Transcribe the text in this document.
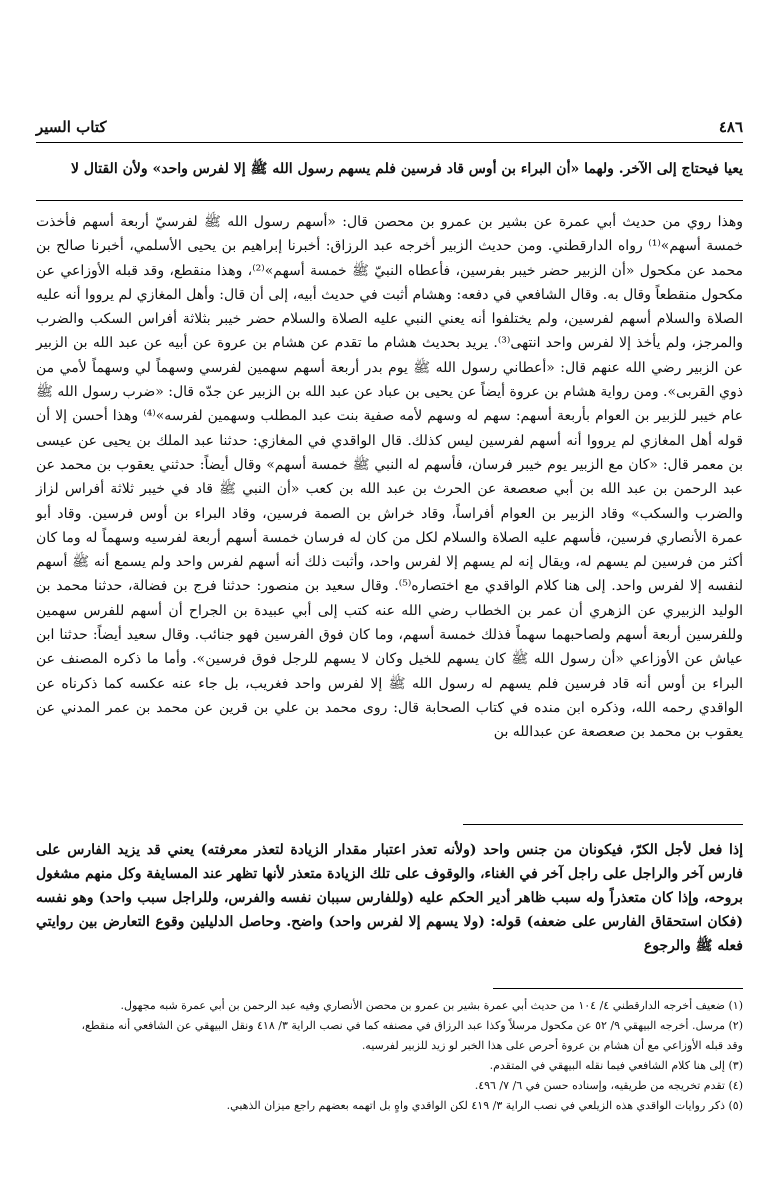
٤٨٦
كتاب السير

يعيا فيحتاج إلى الآخر. ولهما «أن البراء بن أوس قاد فرسين فلم يسهم رسول الله ﷺ إلا لفرس واحد» ولأن القتال لا

وهذا روي من حديث أبي عمرة عن بشير بن عمرو بن محصن قال: «أسهم رسول الله ﷺ لفرسيّ أربعة أسهم فأخذت خمسة أسهم»⁽¹⁾ رواه الدارقطني. ومن حديث الزبير أخرجه عبد الرزاق: أخبرنا إبراهيم بن يحيى الأسلمي، أخبرنا صالح بن محمد عن مكحول «أن الزبير حضر خيبر بفرسين، فأعطاه النبيّ ﷺ خمسة أسهم»⁽²⁾، وهذا منقطع، وقد قبله الأوزاعي عن مكحول منقطعاً وقال به. وقال الشافعي في دفعه: وهشام أثبت في حديث أبيه، إلى أن قال: وأهل المغازي لم يرووا أنه عليه الصلاة والسلام أسهم لفرسين، ولم يختلفوا أنه يعني النبي عليه الصلاة والسلام حضر خيبر بثلاثة أفراس السكب والضرب والمرجز، ولم يأخذ إلا لفرس واحد انتهى⁽³⁾. يريد بحديث هشام ما تقدم عن هشام بن عروة عن أبيه عن عبد الله بن الزبير عن الزبير رضي الله عنهم قال: «أعطاني رسول الله ﷺ يوم بدر أربعة أسهم سهمين لفرسي وسهماً لي وسهماً لأمي من ذوي القربى». ومن رواية هشام بن عروة أيضاً عن يحيى بن عباد عن عبد الله بن الزبير عن جدّه قال: «ضرب رسول الله ﷺ عام خيبر للزبير بن العوام بأربعة أسهم: سهم له وسهم لأمه صفية بنت عبد المطلب وسهمين لفرسه»⁽⁴⁾ وهذا أحسن إلا أن قوله أهل المغازي لم يرووا أنه أسهم لفرسين ليس كذلك. قال الواقدي في المغازي: حدثنا عبد الملك بن يحيى عن عيسى بن معمر قال: «كان مع الزبير يوم خيبر فرسان، فأسهم له النبي ﷺ خمسة أسهم» وقال أيضاً: حدثني يعقوب بن محمد عن عبد الرحمن بن عبد الله بن أبي صعصعة عن الحرث بن عبد الله بن كعب «أن النبي ﷺ قاد في خيبر ثلاثة أفراس لزاز والضرب والسكب» وقاد الزبير بن العوام أفراساً، وقاد خراش بن الصمة فرسين، وقاد البراء بن أوس فرسين. وقاد أبو عمرة الأنصاري فرسين، فأسهم عليه الصلاة والسلام لكل من كان له فرسان خمسة أسهم أربعة لفرسيه وسهماً له وما كان أكثر من فرسين لم يسهم له، ويقال إنه لم يسهم إلا لفرس واحد، وأثبت ذلك أنه أسهم لفرس واحد ولم يسمع أنه ﷺ أسهم لنفسه إلا لفرس واحد. إلى هنا كلام الواقدي مع اختصاره⁽⁵⁾. وقال سعيد بن منصور: حدثنا فرج بن فضالة، حدثنا محمد بن الوليد الزبيري عن الزهري أن عمر بن الخطاب رضي الله عنه كتب إلى أبي عبيدة بن الجراح أن أسهم للفرس سهمين وللفرسين أربعة أسهم ولصاحبهما سهماً فذلك خمسة أسهم، وما كان فوق الفرسين فهو جنائب. وقال سعيد أيضاً: حدثنا ابن عياش عن الأوزاعي «أن رسول الله ﷺ كان يسهم للخيل وكان لا يسهم للرجل فوق فرسين». وأما ما ذكره المصنف عن البراء بن أوس أنه قاد فرسين فلم يسهم له رسول الله ﷺ إلا لفرس واحد فغريب، بل جاء عنه عكسه كما ذكرناه عن الواقدي رحمه الله، وذكره ابن منده في كتاب الصحابة قال: روى محمد بن علي بن قرين عن محمد بن عمر المدني عن يعقوب بن محمد بن صعصعة عن عبدالله بن

إذا فعل لأجل الكرّ، فيكونان من جنس واحد (ولأنه تعذر اعتبار مقدار الزيادة لتعذر معرفته) يعني قد يزيد الفارس على فارس آخر والراجل على راجل آخر في الغناء، والوقوف على تلك الزيادة متعذر لأنها تظهر عند المسايفة وكل منهم مشغول بروحه، وإذا كان متعذراً وله سبب ظاهر أدير الحكم عليه (وللفارس سببان نفسه والفرس، وللراجل سبب واحد) وهو نفسه (فكان استحقاق الفارس على ضعفه) قوله: (ولا يسهم إلا لفرس واحد) واضح. وحاصل الدليلين وقوع التعارض بين روايتي فعله ﷺ والرجوع

(١) ضعيف أخرجه الدارقطني ٤/ ١٠٤ من حديث أبي عمرة بشير بن عمرو بن محصن الأنصاري وفيه عبد الرحمن بن أبي عمرة شبه مجهول.
(٢) مرسل. أخرجه البيهقي ٩/ ٥٢ عن مكحول مرسلاً وكذا عبد الرزاق في مصنفه كما في نصب الراية ٣/ ٤١٨ ونقل البيهقي عن الشافعي أنه منقطع،
وقد قبله الأوزاعي مع أن هشام بن عروة أحرص على هذا الخبر لو زيد للزبير لفرسيه.
(٣) إلى هنا كلام الشافعي فيما نقله البيهقي في المتقدم.
(٤) تقدم تخريجه من طريقيه، وإسناده حسن في ٦/ ٧/ ٤٩٦.
(٥) ذكر روايات الواقدي هذه الزيلعي في نصب الراية ٣/ ٤١٩ لكن الواقدي واهٍ بل اتهمه بعضهم راجع ميزان الذهبي.
